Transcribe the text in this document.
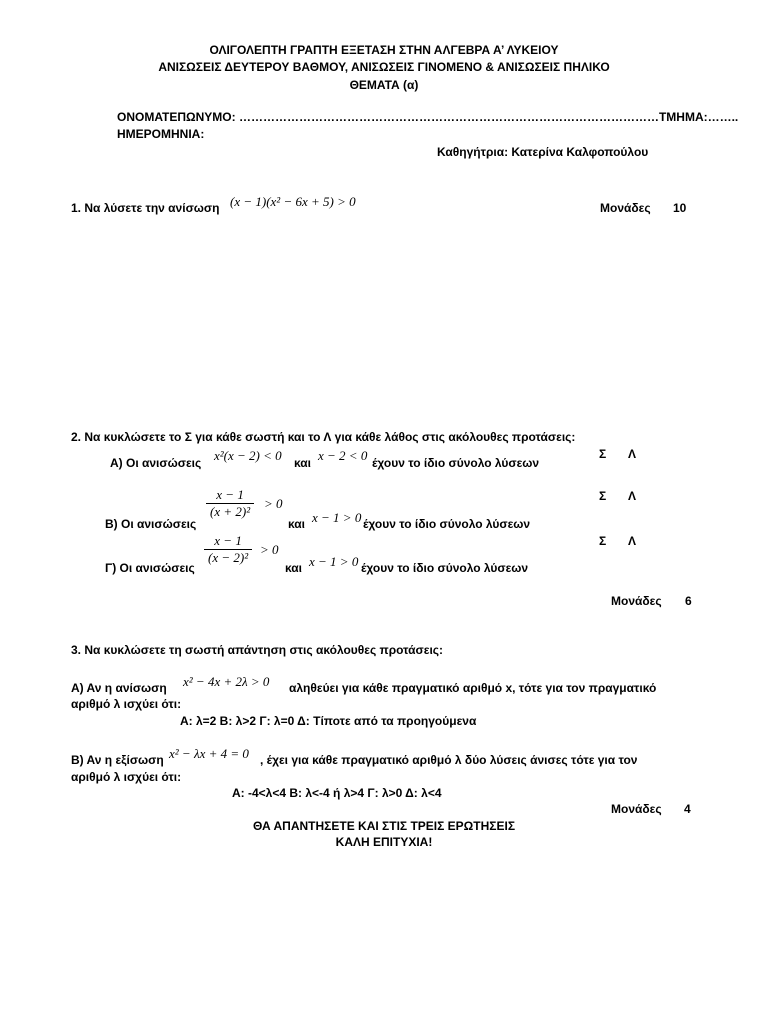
ΟΛΙΓΟΛΕΠΤΗ ΓΡΑΠΤΗ ΕΞΕΤΑΣΗ ΣΤΗΝ ΑΛΓΕΒΡΑ Α’ ΛΥΚΕΙΟΥ
ΑΝΙΣΩΣΕΙΣ ΔΕΥΤΕΡΟΥ ΒΑΘΜΟΥ, ΑΝΙΣΩΣΕΙΣ ΓΙΝΟΜΕΝΟ & ΑΝΙΣΩΣΕΙΣ ΠΗΛΙΚΟ
ΘΕΜΑΤΑ (α)
ΟΝΟΜΑΤΕΠΩΝΥΜΟ: ……………………………………………………………………………………………ΤΜΗΜΑ:……..
ΗΜΕΡΟΜΗΝΙΑ:
Καθηγήτρια: Κατερίνα Καλφοπούλου
1. Να λύσετε την ανίσωση (x − 1)(x² − 6x + 5) > 0	Μονάδες 10
2. Να κυκλώσετε το Σ για κάθε σωστή και το Λ για κάθε λάθος στις ακόλουθες προτάσεις:
Α) Οι ανισώσεις x²(x − 2) < 0 και x − 2 < 0 έχουν το ίδιο σύνολο λύσεων
Σ Λ
Β) Οι ανισώσεις
$\frac{x - 1}{\text{(x + 2)²}} > 0$
και x − 1 > 0 έχουν το ίδιο σύνολο λύσεων
Σ Λ
Γ) Οι ανισώσεις
$\frac{x - 1}{\text{(x − 2)²}} > 0$
και x − 1 > 0 έχουν το ίδιο σύνολο λύσεων
Σ Λ
Μονάδες 6
3. Να κυκλώσετε τη σωστή απάντηση στις ακόλουθες προτάσεις:
Α) Αν η ανίσωση x² − 4x + 2λ > 0 αληθεύει για κάθε πραγματικό αριθμό x, τότε για τον πραγματικό
αριθμό λ ισχύει ότι:
Α: λ=2 Β: λ>2 Γ: λ=0 Δ: Τίποτε από τα προηγούμενα
Β) Αν η εξίσωση x² − λx + 4 = 0 , έχει για κάθε πραγματικό αριθμό λ δύο λύσεις άνισες τότε για τον
αριθμό λ ισχύει ότι:
Α: -4<λ<4 Β: λ<-4 ή λ>4 Γ: λ>0 Δ: λ<4
Μονάδες 4
ΘΑ ΑΠΑΝΤΗΣΕΤΕ ΚΑΙ ΣΤΙΣ ΤΡΕΙΣ ΕΡΩΤΗΣΕΙΣ
ΚΑΛΗ ΕΠΙΤΥΧΙΑ!
